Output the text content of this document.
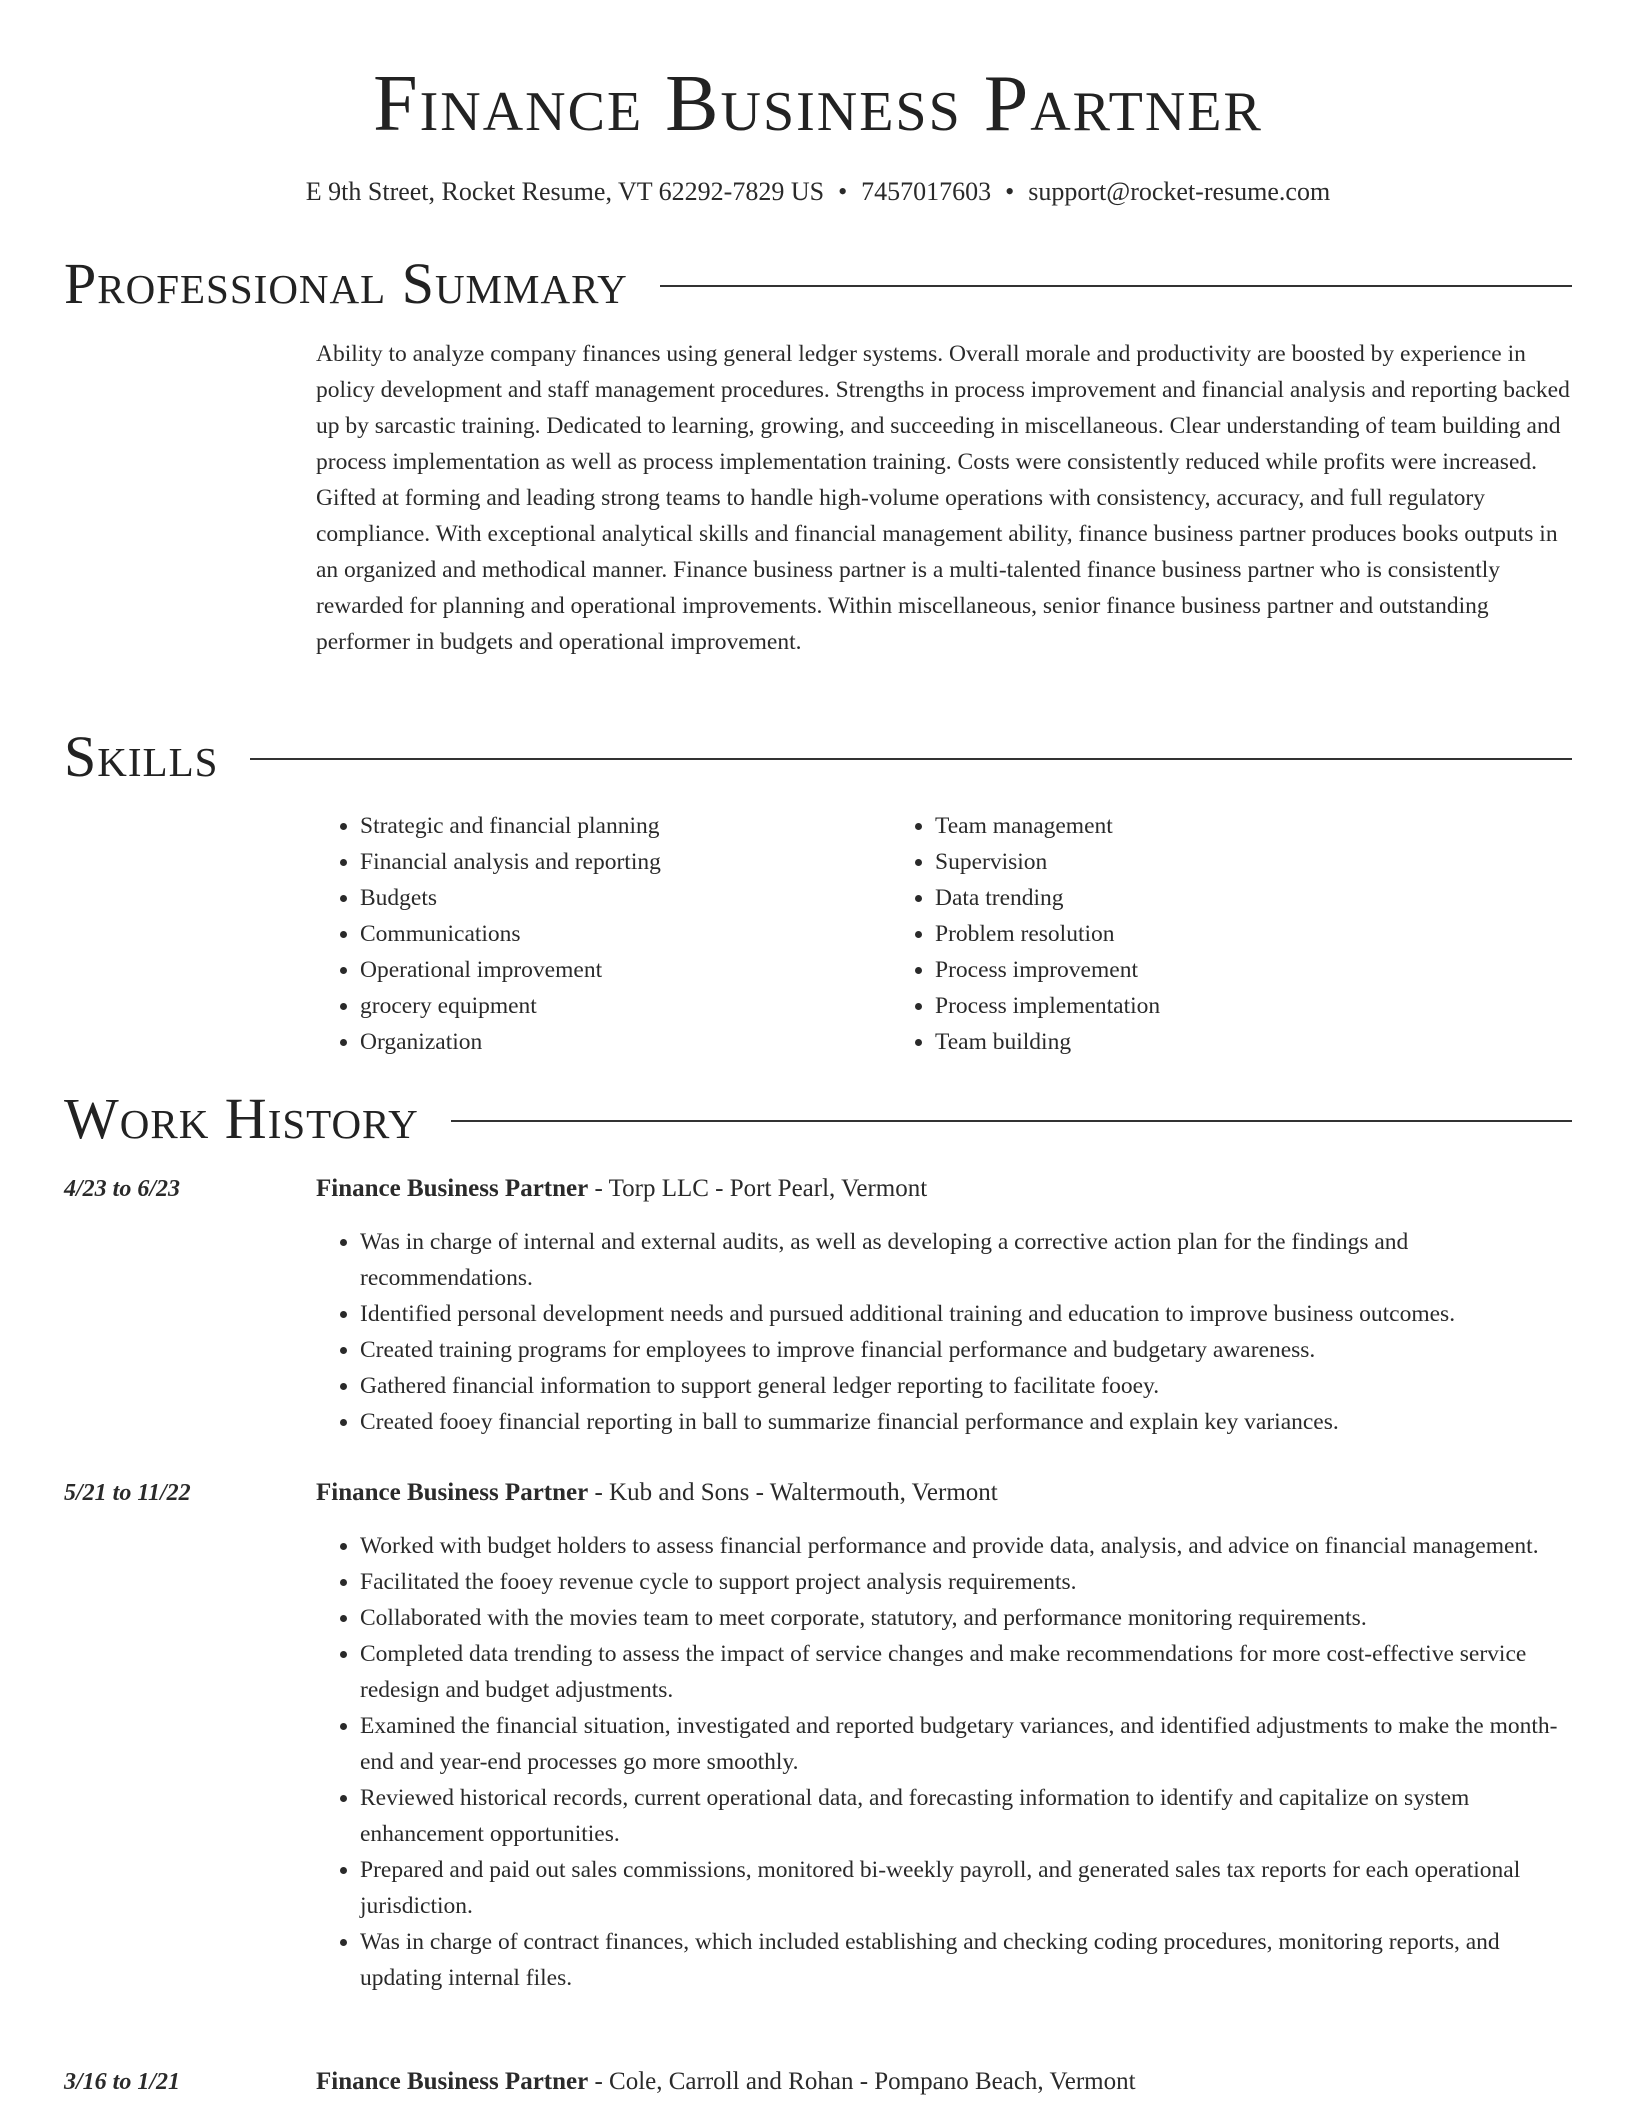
Finance Business Partner
E 9th Street, Rocket Resume, VT 62292-7829 US • 7457017603 • support@rocket-resume.com
Professional Summary

Ability to analyze company finances using general ledger systems. Overall morale and productivity are boosted by experience in policy development and staff management procedures. Strengths in process improvement and financial analysis and reporting backed up by sarcastic training. Dedicated to learning, growing, and succeeding in miscellaneous. Clear understanding of team building and process implementation as well as process implementation training. Costs were consistently reduced while profits were increased. Gifted at forming and leading strong teams to handle high-volume operations with consistency, accuracy, and full regulatory compliance. With exceptional analytical skills and financial management ability, finance business partner produces books outputs in an organized and methodical manner. Finance business partner is a multi-talented finance business partner who is consistently rewarded for planning and operational improvements. Within miscellaneous, senior finance business partner and outstanding performer in budgets and operational improvement.

Skills
• Strategic and financial planning
• Financial analysis and reporting
• Budgets
• Communications
• Operational improvement
• grocery equipment
• Organization
• Team management
• Supervision
• Data trending
• Problem resolution
• Process improvement
• Process implementation
• Team building
Work History
4/23 to 6/23	Finance Business Partner - Torp LLC - Port Pearl, Vermont
• Was in charge of internal and external audits, as well as developing a corrective action plan for the findings and recommendations.
• Identified personal development needs and pursued additional training and education to improve business outcomes.
• Created training programs for employees to improve financial performance and budgetary awareness.
• Gathered financial information to support general ledger reporting to facilitate fooey.
• Created fooey financial reporting in ball to summarize financial performance and explain key variances.
5/21 to 11/22	Finance Business Partner - Kub and Sons - Waltermouth, Vermont
• Worked with budget holders to assess financial performance and provide data, analysis, and advice on financial management.
• Facilitated the fooey revenue cycle to support project analysis requirements.
• Collaborated with the movies team to meet corporate, statutory, and performance monitoring requirements.
• Completed data trending to assess the impact of service changes and make recommendations for more cost-effective service redesign and budget adjustments.
• Examined the financial situation, investigated and reported budgetary variances, and identified adjustments to make the month-end and year-end processes go more smoothly.
• Reviewed historical records, current operational data, and forecasting information to identify and capitalize on system enhancement opportunities.
• Prepared and paid out sales commissions, monitored bi-weekly payroll, and generated sales tax reports for each operational jurisdiction.
• Was in charge of contract finances, which included establishing and checking coding procedures, monitoring reports, and updating internal files.
3/16 to 1/21	Finance Business Partner - Cole, Carroll and Rohan - Pompano Beach, Vermont
